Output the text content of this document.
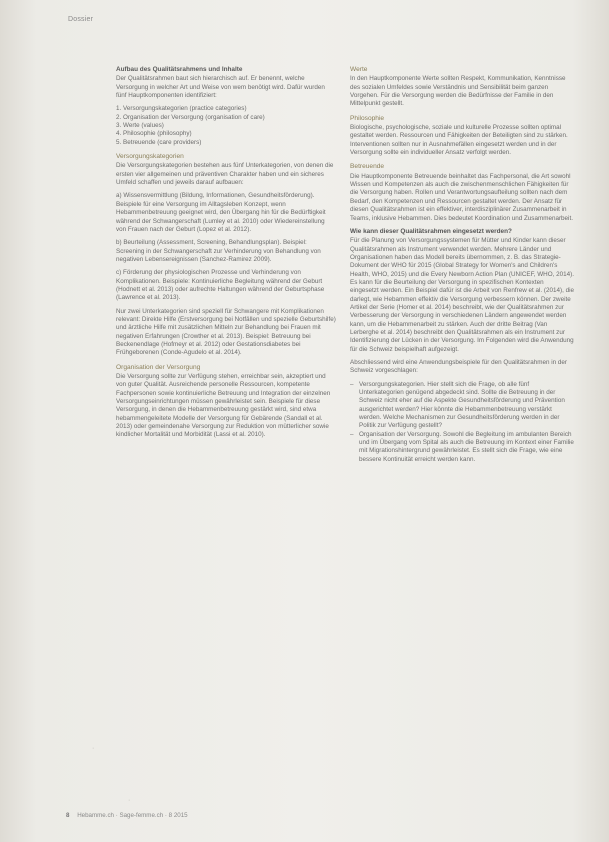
Dossier
Aufbau des Qualitätsrahmens und Inhalte

Der Qualitätsrahmen baut sich hierarchisch auf. Er benennt, welche Versorgung in welcher Art und Weise von wem benötigt wird. Dafür wurden fünf Hauptkomponenten identifiziert:

1. Versorgungskategorien (practice categories)
2. Organisation der Versorgung (organisation of care)
3. Werte (values)
4. Philosophie (philosophy)
5. Betreuende (care providers)
Versorgungskategorien

Die Versorgungskategorien bestehen aus fünf Unterkategorien, von denen die ersten vier allgemeinen und präventiven Charakter haben und ein sicheres Umfeld schaffen und jeweils darauf aufbauen:

a) Wissensvermittlung (Bildung, Informationen, Gesundheitsförderung). Beispiele für eine Versorgung im Alltagsleben Konzept, wenn Hebammenbetreuung geeignet wird, den Übergang hin für die Bedürftigkeit während der Schwangerschaft (Lumley et al. 2010) oder Wiedereinstellung von Frauen nach der Geburt (Lopez et al. 2012).

b) Beurteilung (Assessment, Screening, Behandlungsplan). Beispiel: Screening in der Schwangerschaft zur Verhinderung von Behandlung von negativen Lebensereignissen (Sanchez-Ramirez 2009).

c) Förderung der physiologischen Prozesse und Verhinderung von Komplikationen. Beispiele: Kontinuierliche Begleitung während der Geburt (Hodnett et al. 2013) oder aufrechte Haltungen während der Geburtsphase (Lawrence et al. 2013).

Nur zwei Unterkategorien sind speziell für Schwangere mit Komplikationen relevant: Direkte Hilfe (Erstversorgung bei Notfällen und spezielle Geburtshilfe) und ärztliche Hilfe mit zusätzlichen Mitteln zur Behandlung bei Frauen mit negativen Erfahrungen (Crowther et al. 2013). Beispiel: Betreuung bei Beckenendlage (Hofmeyr et al. 2012) oder Gestationsdiabetes bei Frühgeborenen (Conde-Agudelo et al. 2014).

Organisation der Versorgung

Die Versorgung sollte zur Verfügung stehen, erreichbar sein, akzeptiert und von guter Qualität. Ausreichende personelle Ressourcen, kompetente Fachpersonen sowie kontinuierliche Betreuung und Integration der einzelnen Versorgungseinrichtungen müssen gewährleistet sein. Beispiele für diese Versorgung, in denen die Hebammenbetreuung gestärkt wird, sind etwa hebammengeleitete Modelle der Versorgung für Gebärende (Sandall et al. 2013) oder gemeindenahe Versorgung zur Reduktion von mütterlicher sowie kindlicher Mortalität und Morbidität (Lassi et al. 2010).

Werte

In den Hauptkomponente Werte sollten Respekt, Kommunikation, Kenntnisse des sozialen Umfeldes sowie Verständnis und Sensibilität beim ganzen Vorgehen. Für die Versorgung werden die Bedürfnisse der Familie in den Mittelpunkt gestellt.

Philosophie

Biologische, psychologische, soziale und kulturelle Prozesse sollten optimal gestaltet werden. Ressourcen und Fähigkeiten der Beteiligten sind zu stärken. Interventionen sollten nur in Ausnahmefällen eingesetzt werden und in der Versorgung sollte ein individueller Ansatz verfolgt werden.

Betreuende

Die Hauptkomponente Betreuende beinhaltet das Fachpersonal, die Art sowohl Wissen und Kompetenzen als auch die zwischenmenschlichen Fähigkeiten für die Versorgung haben. Rollen und Verantwortungsaufteilung sollten nach dem Bedarf, den Kompetenzen und Ressourcen gestaltet werden. Der Ansatz für diesen Qualitätsrahmen ist ein effektiver, interdisziplinärer Zusammenarbeit in Teams, inklusive Hebammen. Dies bedeutet Koordination und Zusammenarbeit.

Wie kann dieser Qualitätsrahmen eingesetzt werden?

Für die Planung von Versorgungssystemen für Mütter und Kinder kann dieser Qualitätsrahmen als Instrument verwendet werden. Mehrere Länder und Organisationen haben das Modell bereits übernommen, z. B. das Strategie-Dokument der WHO für 2015 (Global Strategy for Women's and Children's Health, WHO, 2015) und die Every Newborn Action Plan (UNICEF, WHO, 2014). Es kann für die Beurteilung der Versorgung in spezifischen Kontexten eingesetzt werden. Ein Beispiel dafür ist die Arbeit von Renfrew et al. (2014), die darlegt, wie Hebammen effektiv die Versorgung verbessern können. Der zweite Artikel der Serie (Homer et al. 2014) beschreibt, wie der Qualitätsrahmen zur Verbesserung der Versorgung in verschiedenen Ländern angewendet werden kann, um die Hebammenarbeit zu stärken. Auch der dritte Beitrag (Van Lerberghe et al. 2014) beschreibt den Qualitätsrahmen als ein Instrument zur Identifizierung der Lücken in der Versorgung. Im Folgenden wird die Anwendung für die Schweiz beispielhaft aufgezeigt.

Abschliessend wird eine Anwendungsbeispiele für den Qualitätsrahmen in der Schweiz vorgeschlagen:

– Versorgungskategorien. Hier stellt sich die Frage, ob alle fünf Unterkategorien genügend abgedeckt sind. Sollte die Betreuung in der Schweiz nicht eher auf die Aspekte Gesundheitsförderung und Prävention ausgerichtet werden? Hier könnte die Hebammenbetreuung verstärkt werden. Welche Mechanismen zur Gesundheitsförderung werden in der Politik zur Verfügung gestellt?
– Organisation der Versorgung. Sowohl die Begleitung im ambulanten Bereich und im Übergang vom Spital als auch die Betreuung im Kontext einer Familie mit Migrationshintergrund gewährleistet. Es stellt sich die Frage, wie eine bessere Kontinuität erreicht werden kann.
·
·
8 Hebamme.ch · Sage-femme.ch · 8 2015
